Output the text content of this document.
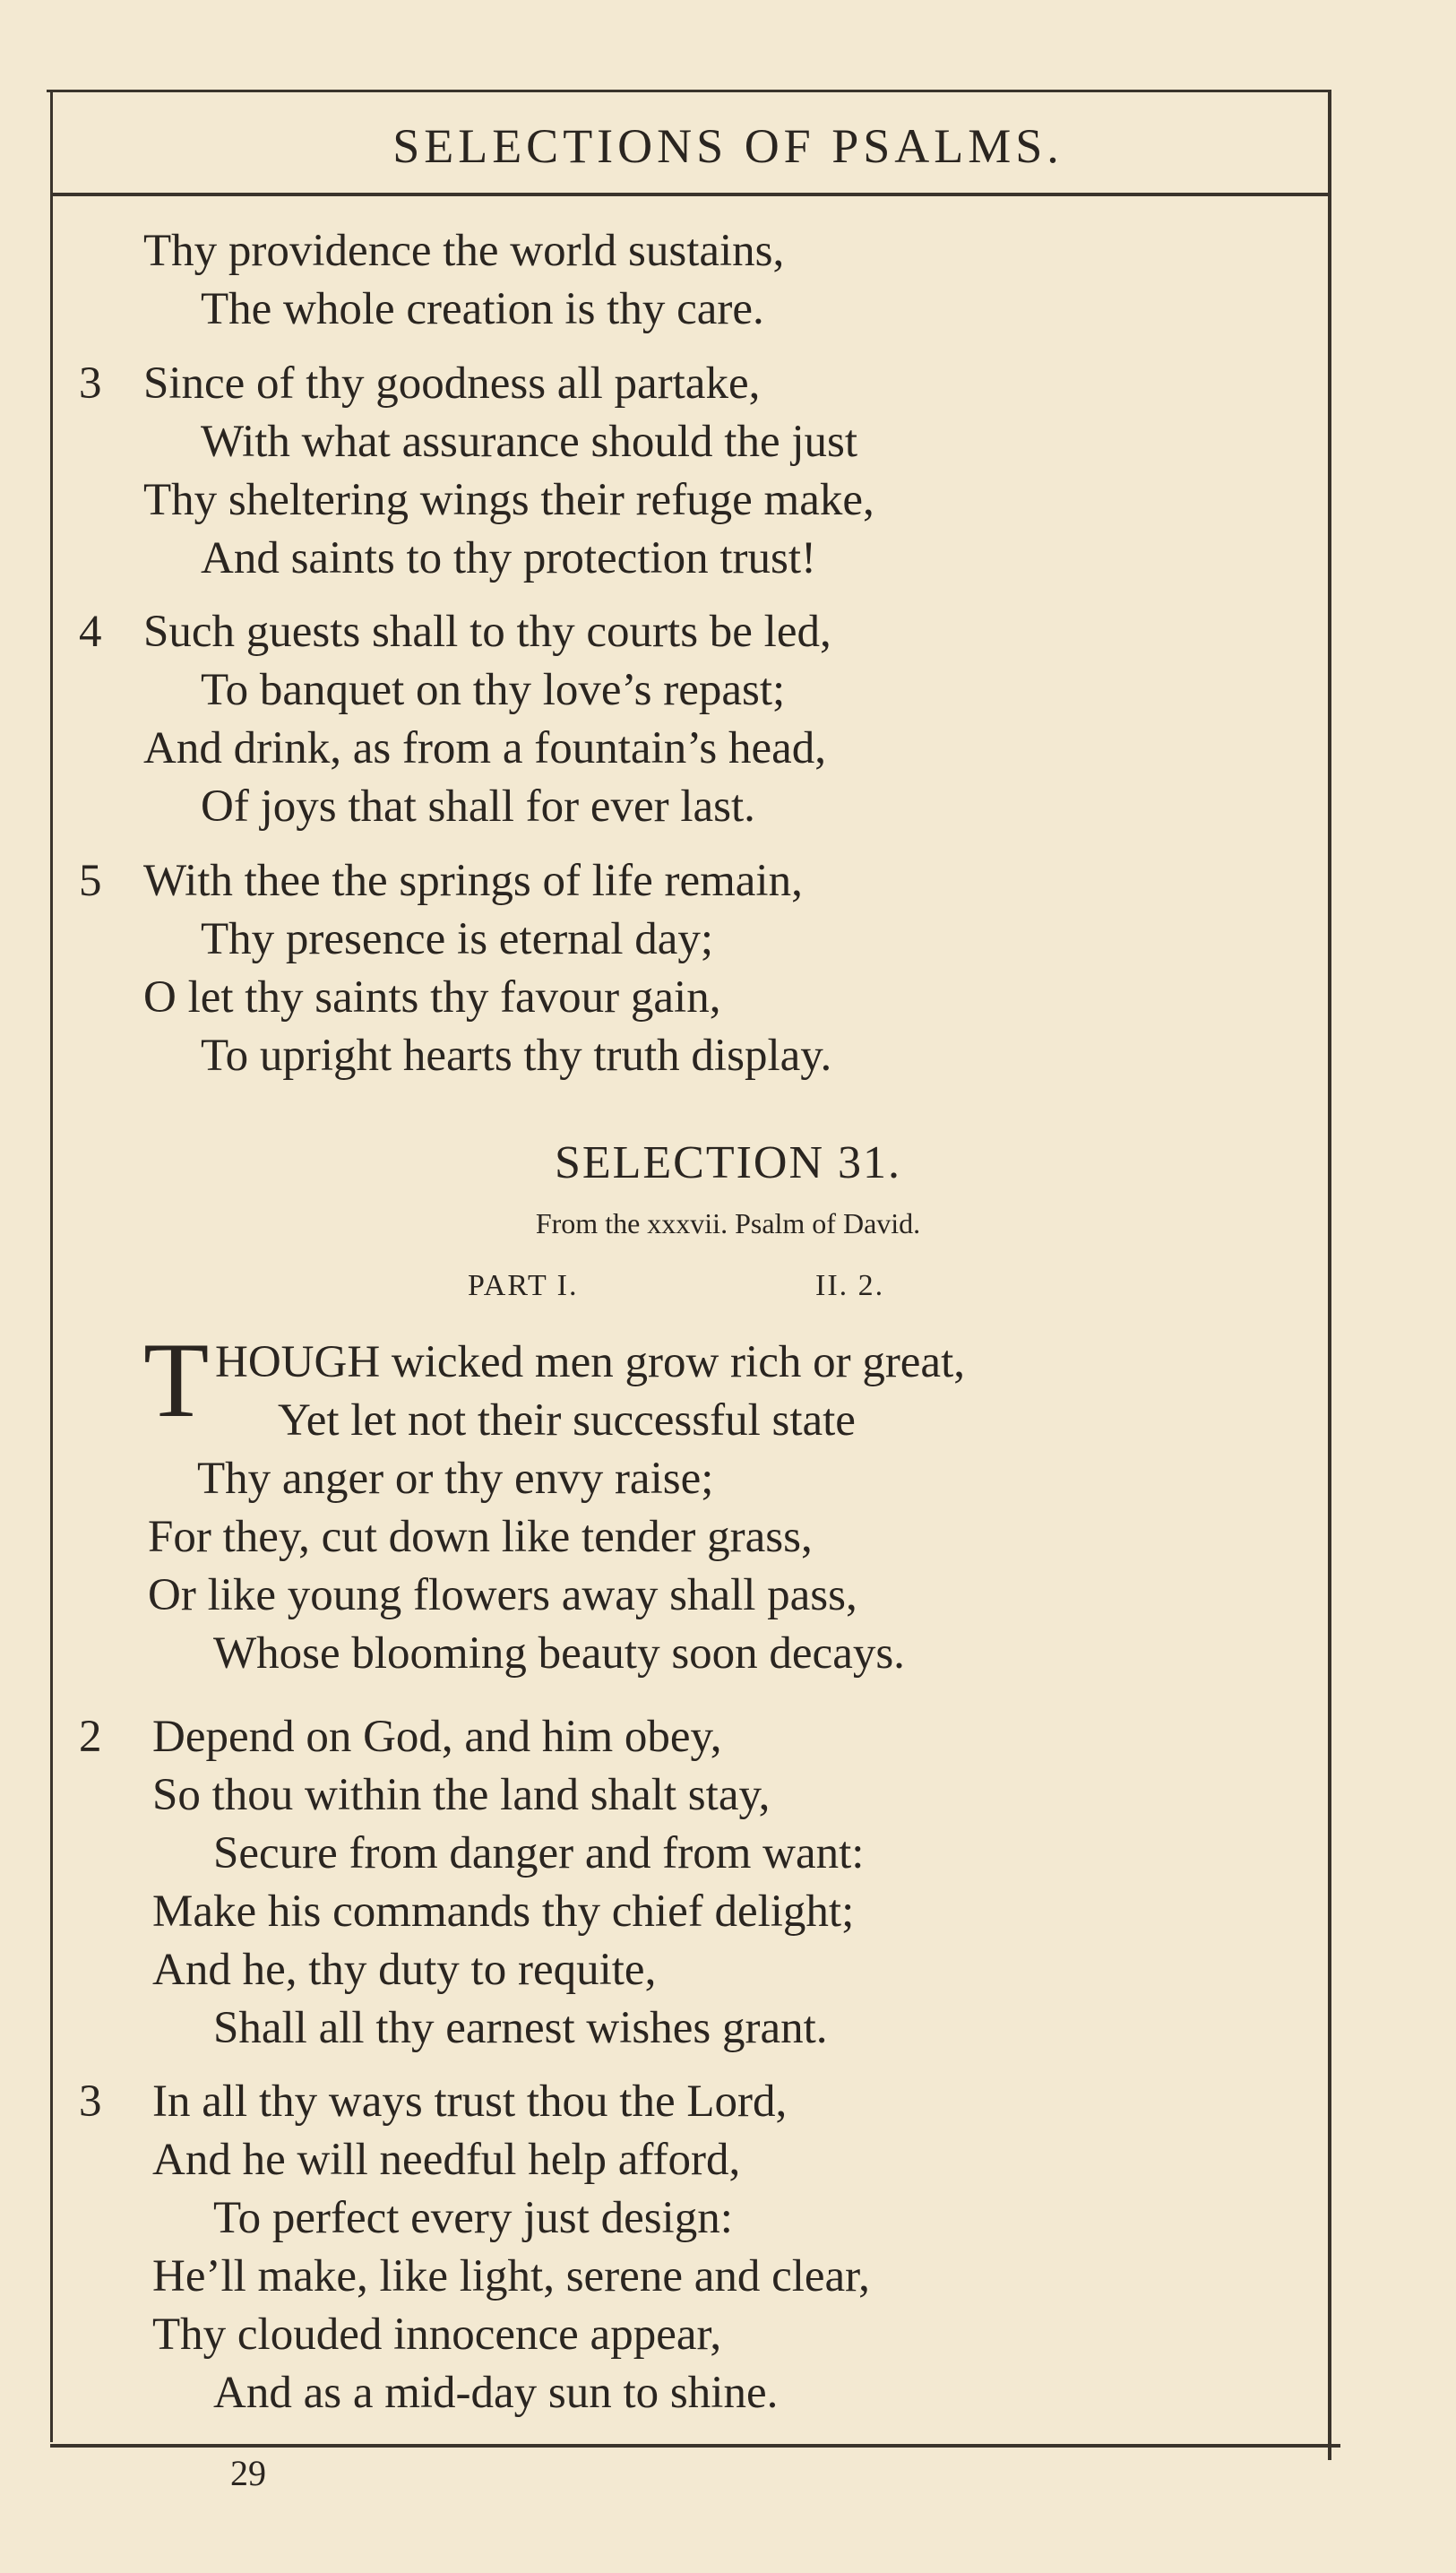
SELECTIONS OF PSALMS.
Thy providence the world sustains,
The whole creation is thy care.
3 Since of thy goodness all partake,
With what assurance should the just
Thy sheltering wings their refuge make,
And saints to thy protection trust!
4 Such guests shall to thy courts be led,
To banquet on thy love’s repast;
And drink, as from a fountain’s head,
Of joys that shall for ever last.
5 With thee the springs of life remain,
Thy presence is eternal day;
O let thy saints thy favour gain,
To upright hearts thy truth display.
SELECTION 31.
From the xxxvii. Psalm of David.
PART I.	II. 2.
T HOUGH wicked men grow rich or great,
Yet let not their successful state
Thy anger or thy envy raise;
For they, cut down like tender grass,
Or like young flowers away shall pass,
Whose blooming beauty soon decays.
2 Depend on God, and him obey,
So thou within the land shalt stay,
Secure from danger and from want:
Make his commands thy chief delight;
And he, thy duty to requite,
Shall all thy earnest wishes grant.
3 In all thy ways trust thou the Lord,
And he will needful help afford,
To perfect every just design:
He’ll make, like light, serene and clear,
Thy clouded innocence appear,
And as a mid-day sun to shine.
29
